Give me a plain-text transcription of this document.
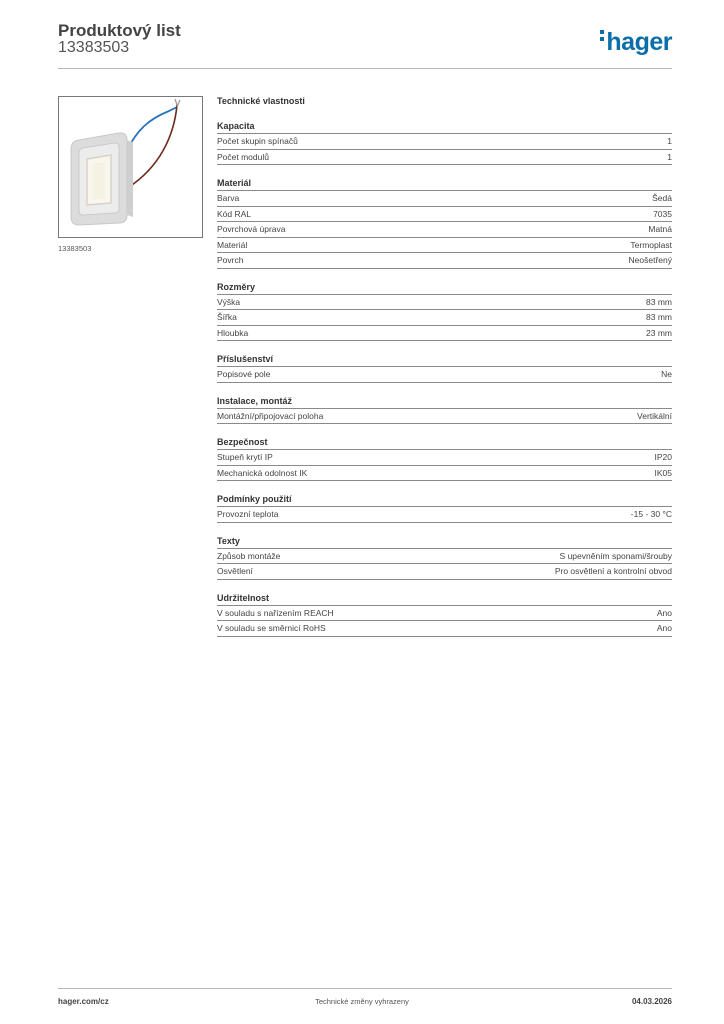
Produktový list
13383503	hager
13383503
Technické vlastnosti
Kapacita
Počet skupin spínačů	1
Počet modulů	1
Materiál
Barva	Šedá
Kód RAL	7035
Povrchová úprava	Matná
Materiál	Termoplast
Povrch	Neošetřený
Rozměry
Výška	83 mm
Šířka	83 mm
Hloubka	23 mm
Příslušenství
Popisové pole	Ne
Instalace, montáž
Montážní/připojovací poloha	Vertikální
Bezpečnost
Stupeň krytí IP	IP20
Mechanická odolnost IK	IK05
Podmínky použití
Provozní teplota	-15 - 30 °C
Texty
Způsob montáže	S upevněním sponami/šrouby
Osvětlení	Pro osvětlení a kontrolní obvod
Udržitelnost
V souladu s nařízením REACH	Ano
V souladu se směrnicí RoHS	Ano
hager.com/cz	Technické změny vyhrazeny	04.03.2026
